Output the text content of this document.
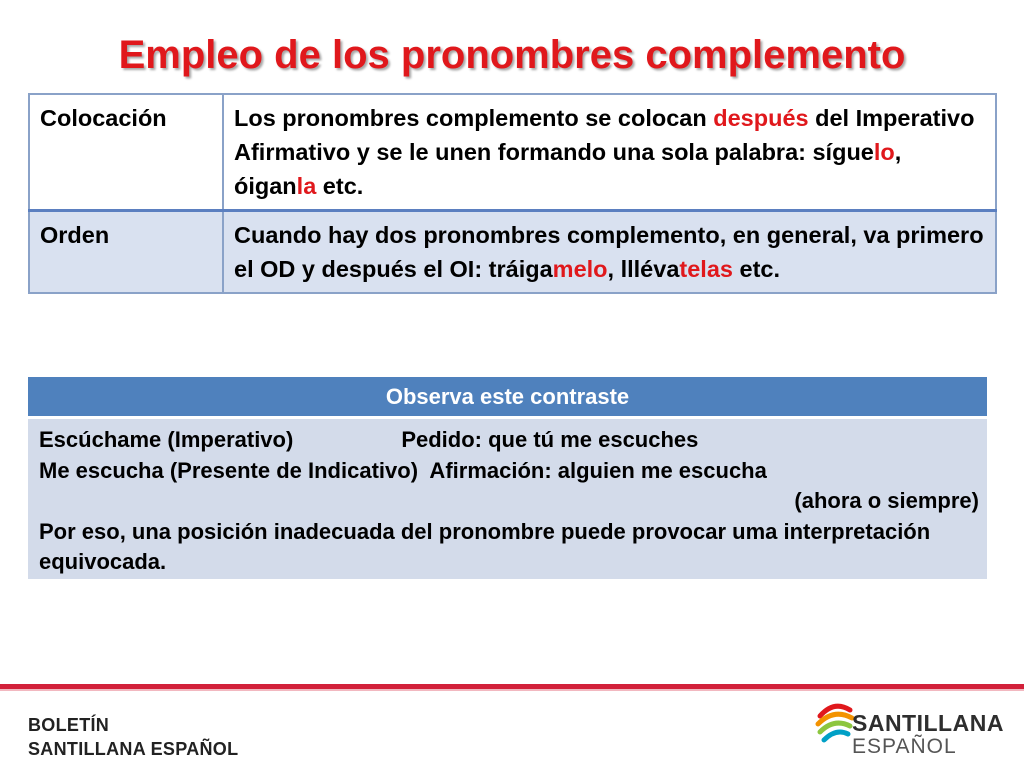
Empleo de los pronombres complemento
Colocación	Los pronombres complemento se colocan después del Imperativo Afirmativo y se le unen formando una sola palabra: síguelo, óiganla etc.
Orden	Cuando hay dos pronombres complemento, en general, va primero el OD y después el OI: tráigamelo, lllévatelas etc.
Observa este contraste
Escúchame (Imperativo)	Pedido: que tú me escuches
Me escucha (Presente de Indicativo)  Afirmación: alguien me escucha
(ahora o siempre)
Por eso, una posición inadecuada del pronombre puede provocar uma interpretación equivocada.
BOLETÍN
SANTILLANA ESPAÑOL
SANTILLANA
ESPAÑOL
